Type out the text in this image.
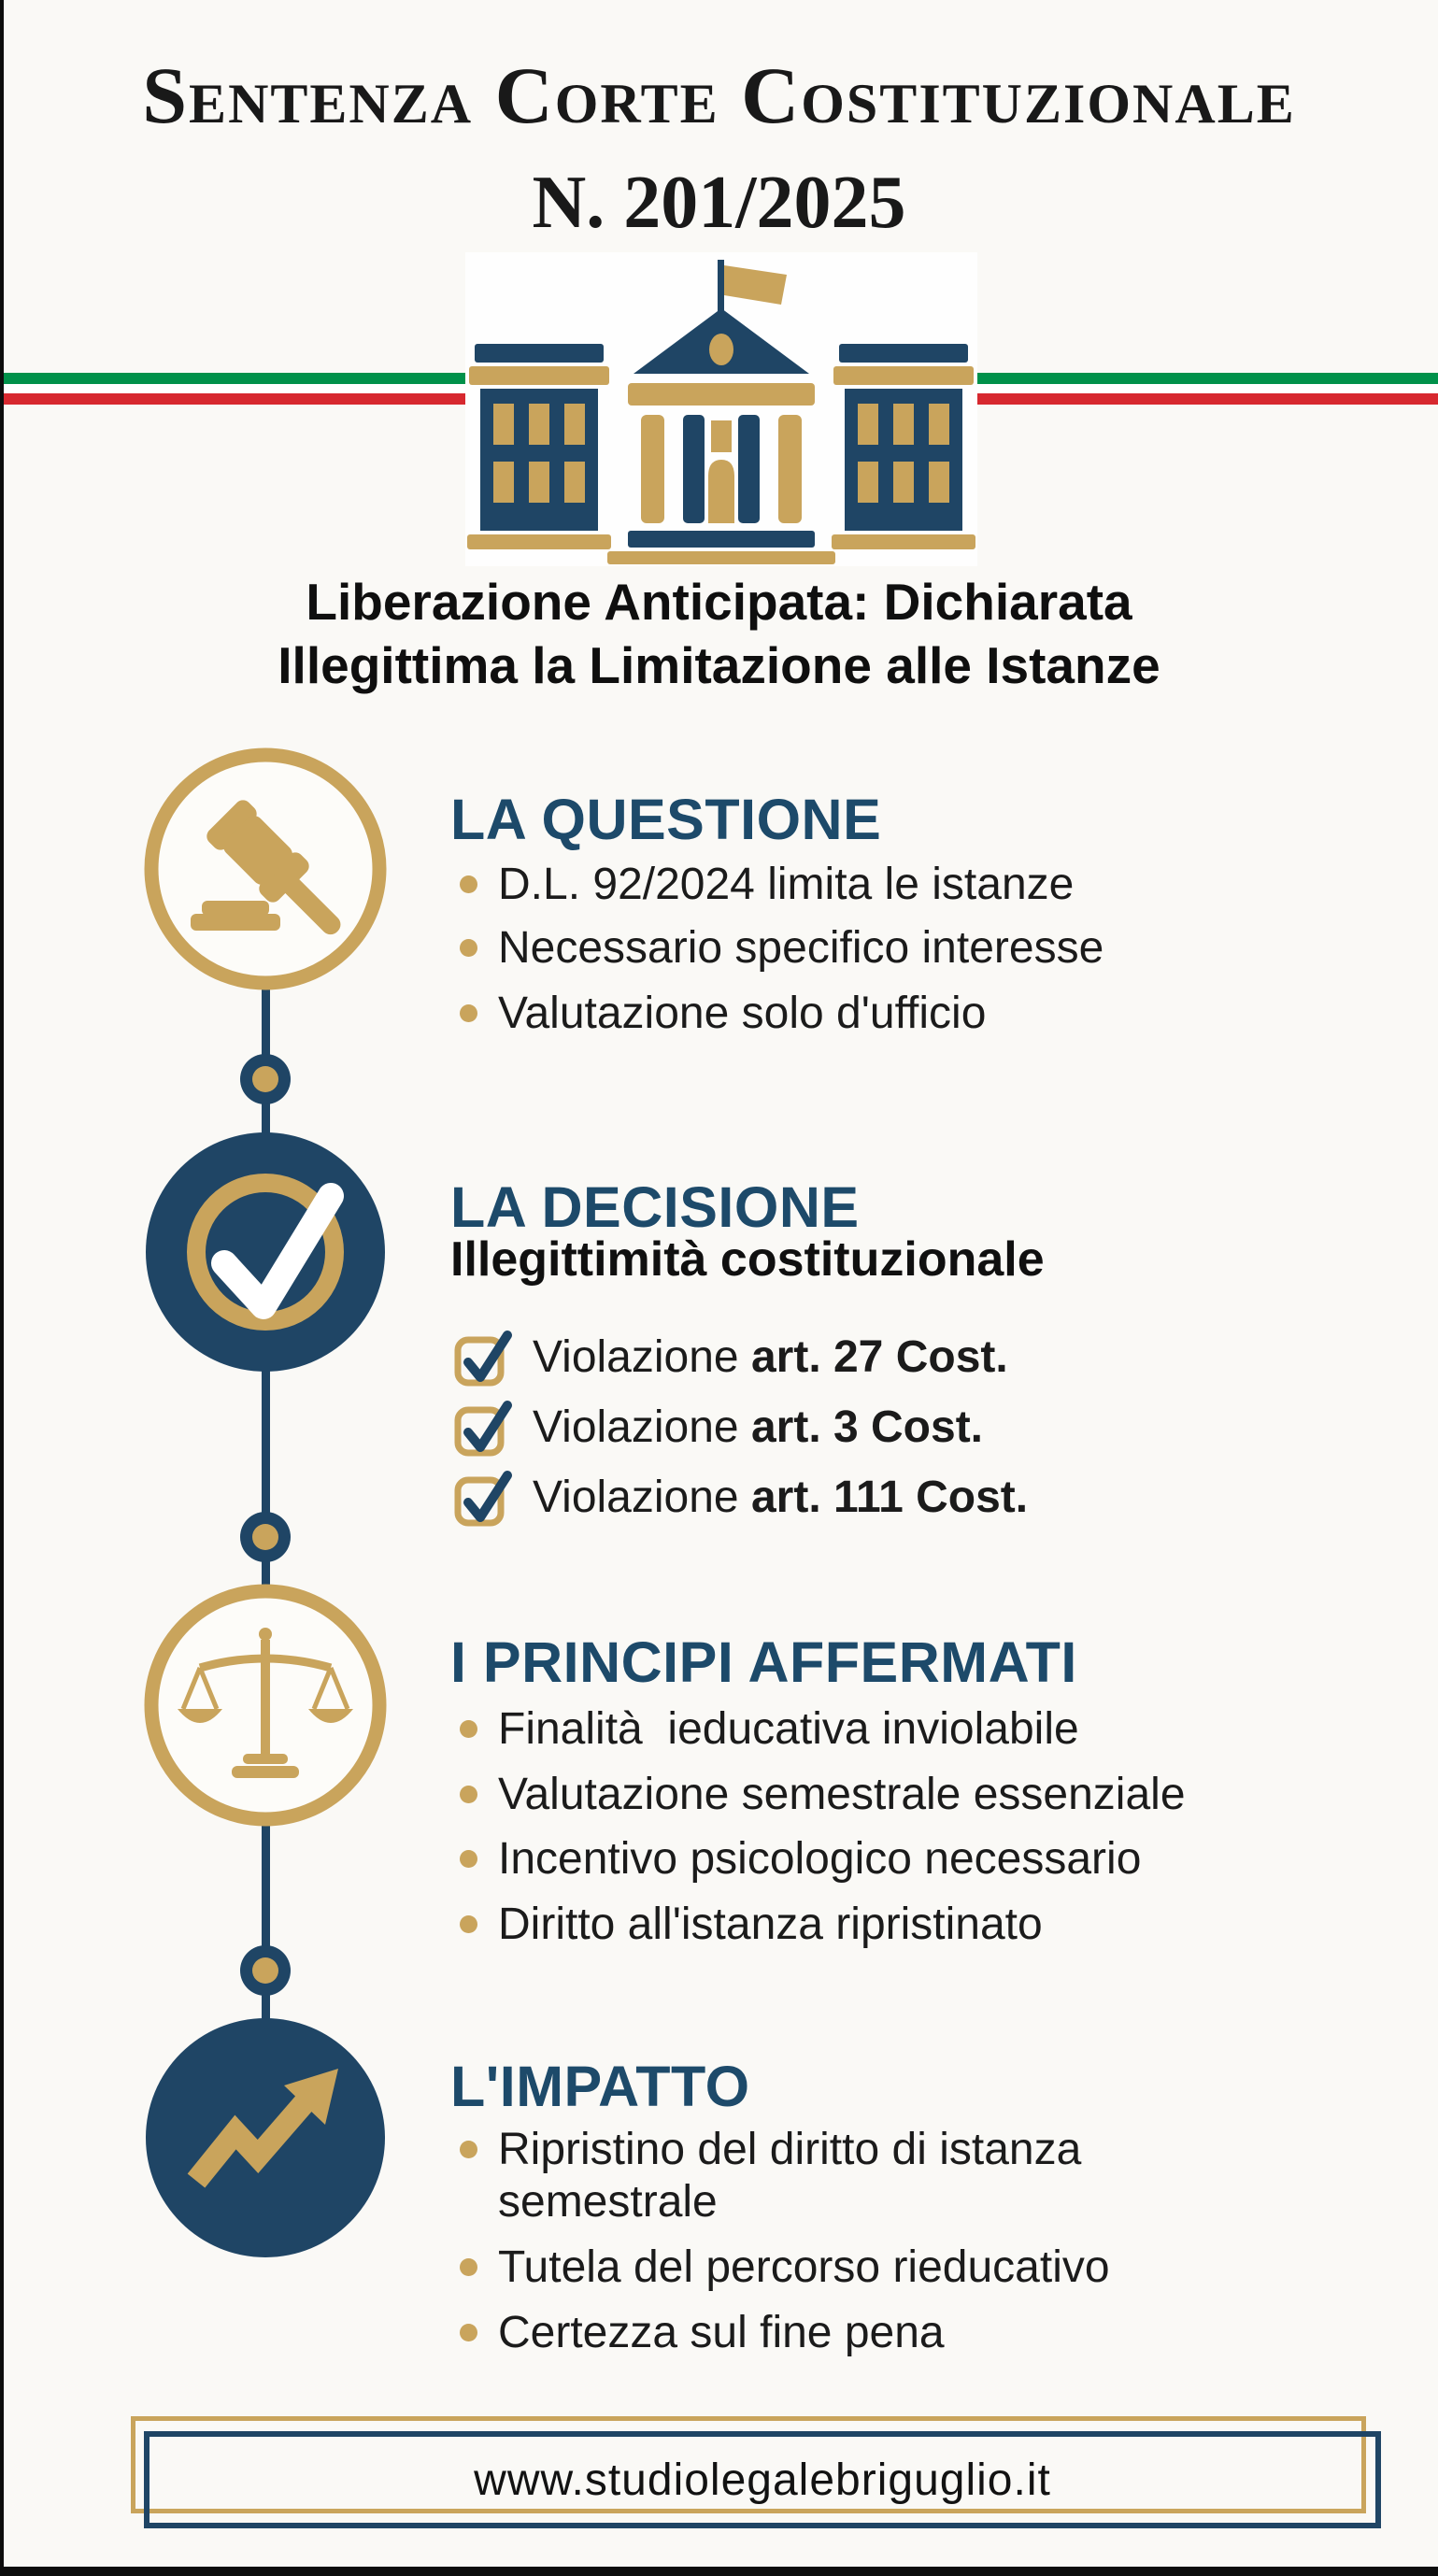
Sentenza Corte Costituzionale
N. 201/2025
Liberazione Anticipata: Dichiarata
Illegittima la Limitazione alle Istanze
LA QUESTIONE
D.L. 92/2024 limita le istanze
Necessario specifico interesse
Valutazione solo d'ufficio
LA DECISIONE
Illegittimità costituzionale
Violazione art. 27 Cost.
Violazione art. 3 Cost.
Violazione art. 111 Cost.
I PRINCIPI AFFERMATI
Finalità  ieducativa inviolabile
Valutazione semestrale essenziale
Incentivo psicologico necessario
Diritto all'istanza ripristinato
L'IMPATTO
Ripristino del diritto di istanza semestrale
Tutela del percorso rieducativo
Certezza sul fine pena
www.studiolegalebriguglio.it
